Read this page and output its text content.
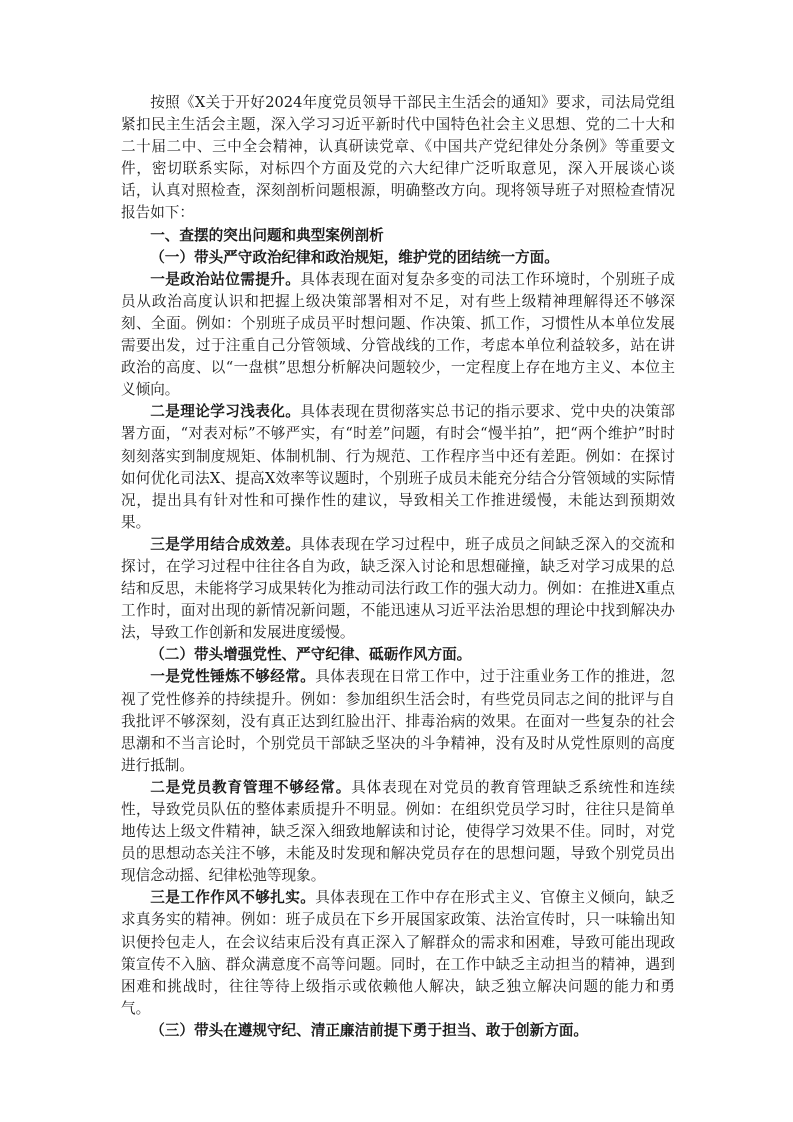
按照《X关于开好2024年度党员领导干部民主生活会的通知》要求，司法局党组紧扣民主生活会主题，深入学习习近平新时代中国特色社会主义思想、党的二十大和二十届二中、三中全会精神，认真研读党章、《中国共产党纪律处分条例》等重要文件，密切联系实际，对标四个方面及党的六大纪律广泛听取意见，深入开展谈心谈话，认真对照检查，深刻剖析问题根源，明确整改方向。现将领导班子对照检查情况报告如下：

一、查摆的突出问题和典型案例剖析

（一）带头严守政治纪律和政治规矩，维护党的团结统一方面。

一是政治站位需提升。具体表现在面对复杂多变的司法工作环境时，个别班子成员从政治高度认识和把握上级决策部署相对不足，对有些上级精神理解得还不够深刻、全面。例如：个别班子成员平时想问题、作决策、抓工作，习惯性从本单位发展需要出发，过于注重自己分管领域、分管战线的工作，考虑本单位利益较多，站在讲政治的高度、以“一盘棋”思想分析解决问题较少，一定程度上存在地方主义、本位主义倾向。

二是理论学习浅表化。具体表现在贯彻落实总书记的指示要求、党中央的决策部署方面，“对表对标”不够严实，有“时差”问题，有时会“慢半拍”，把“两个维护”时时刻刻落实到制度规矩、体制机制、行为规范、工作程序当中还有差距。例如：在探讨如何优化司法X、提高X效率等议题时，个别班子成员未能充分结合分管领域的实际情况，提出具有针对性和可操作性的建议，导致相关工作推进缓慢，未能达到预期效果。

三是学用结合成效差。具体表现在学习过程中，班子成员之间缺乏深入的交流和探讨，在学习过程中往往各自为政，缺乏深入讨论和思想碰撞，缺乏对学习成果的总结和反思，未能将学习成果转化为推动司法行政工作的强大动力。例如：在推进X重点工作时，面对出现的新情况新问题，不能迅速从习近平法治思想的理论中找到解决办法，导致工作创新和发展进度缓慢。

（二）带头增强党性、严守纪律、砥砺作风方面。

一是党性锤炼不够经常。具体表现在日常工作中，过于注重业务工作的推进，忽视了党性修养的持续提升。例如：参加组织生活会时，有些党员同志之间的批评与自我批评不够深刻，没有真正达到红脸出汗、排毒治病的效果。在面对一些复杂的社会思潮和不当言论时，个别党员干部缺乏坚决的斗争精神，没有及时从党性原则的高度进行抵制。

二是党员教育管理不够经常。具体表现在对党员的教育管理缺乏系统性和连续性，导致党员队伍的整体素质提升不明显。例如：在组织党员学习时，往往只是简单地传达上级文件精神，缺乏深入细致地解读和讨论，使得学习效果不佳。同时，对党员的思想动态关注不够，未能及时发现和解决党员存在的思想问题，导致个别党员出现信念动摇、纪律松弛等现象。

三是工作作风不够扎实。具体表现在工作中存在形式主义、官僚主义倾向，缺乏求真务实的精神。例如：班子成员在下乡开展国家政策、法治宣传时，只一味输出知识便拎包走人，在会议结束后没有真正深入了解群众的需求和困难，导致可能出现政策宣传不入脑、群众满意度不高等问题。同时，在工作中缺乏主动担当的精神，遇到困难和挑战时，往往等待上级指示或依赖他人解决，缺乏独立解决问题的能力和勇气。

（三）带头在遵规守纪、清正廉洁前提下勇于担当、敢于创新方面。
